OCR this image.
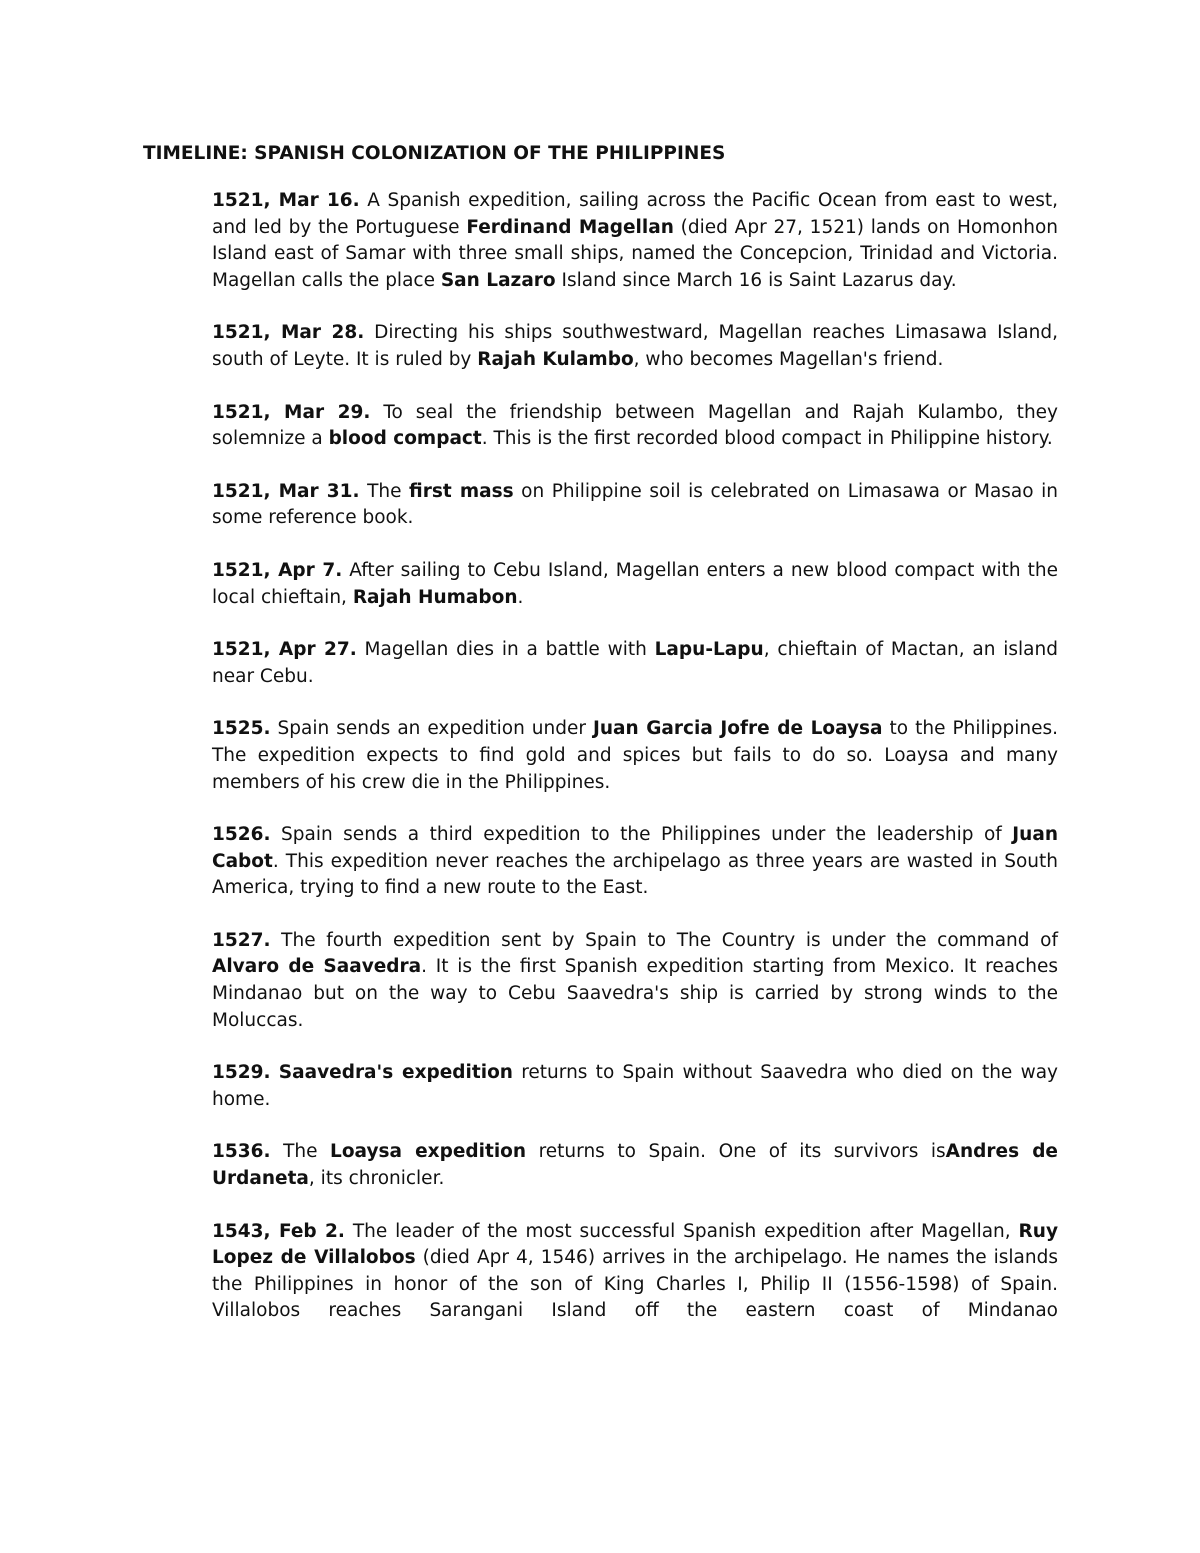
TIMELINE: SPANISH COLONIZATION OF THE PHILIPPINES

1521, Mar 16. A Spanish expedition, sailing across the Pacific Ocean from east to west, and led by the Portuguese Ferdinand Magellan (died Apr 27, 1521) lands on Homonhon Island east of Samar with three small ships, named the Concepcion, Trinidad and Victoria. Magellan calls the place San Lazaro Island since March 16 is Saint Lazarus day.

1521, Mar 28. Directing his ships southwestward, Magellan reaches Limasawa Island, south of Leyte. It is ruled by Rajah Kulambo, who becomes Magellan's friend.

1521, Mar 29. To seal the friendship between Magellan and Rajah Kulambo, they solemnize a blood compact. This is the first recorded blood compact in Philippine history.

1521, Mar 31. The first mass on Philippine soil is celebrated on Limasawa or Masao in some reference book.

1521, Apr 7. After sailing to Cebu Island, Magellan enters a new blood compact with the local chieftain, Rajah Humabon.

1521, Apr 27. Magellan dies in a battle with Lapu-Lapu, chieftain of Mactan, an island near Cebu.

1525. Spain sends an expedition under Juan Garcia Jofre de Loaysa to the Philippines. The expedition expects to find gold and spices but fails to do so. Loaysa and many members of his crew die in the Philippines.

1526. Spain sends a third expedition to the Philippines under the leadership of Juan Cabot. This expedition never reaches the archipelago as three years are wasted in South America, trying to find a new route to the East.

1527. The fourth expedition sent by Spain to The Country is under the command of Alvaro de Saavedra. It is the first Spanish expedition starting from Mexico. It reaches Mindanao but on the way to Cebu Saavedra's ship is carried by strong winds to the Moluccas.

1529. Saavedra's expedition returns to Spain without Saavedra who died on the way home.

1536. The Loaysa expedition returns to Spain. One of its survivors isAndres de Urdaneta, its chronicler.

1543, Feb 2. The leader of the most successful Spanish expedition after Magellan, Ruy Lopez de Villalobos (died Apr 4, 1546) arrives in the archipelago. He names the islands the Philippines in honor of the son of King Charles I, Philip II (1556-1598) of Spain. Villalobos reaches Sarangani Island off the eastern coast of Mindanao
